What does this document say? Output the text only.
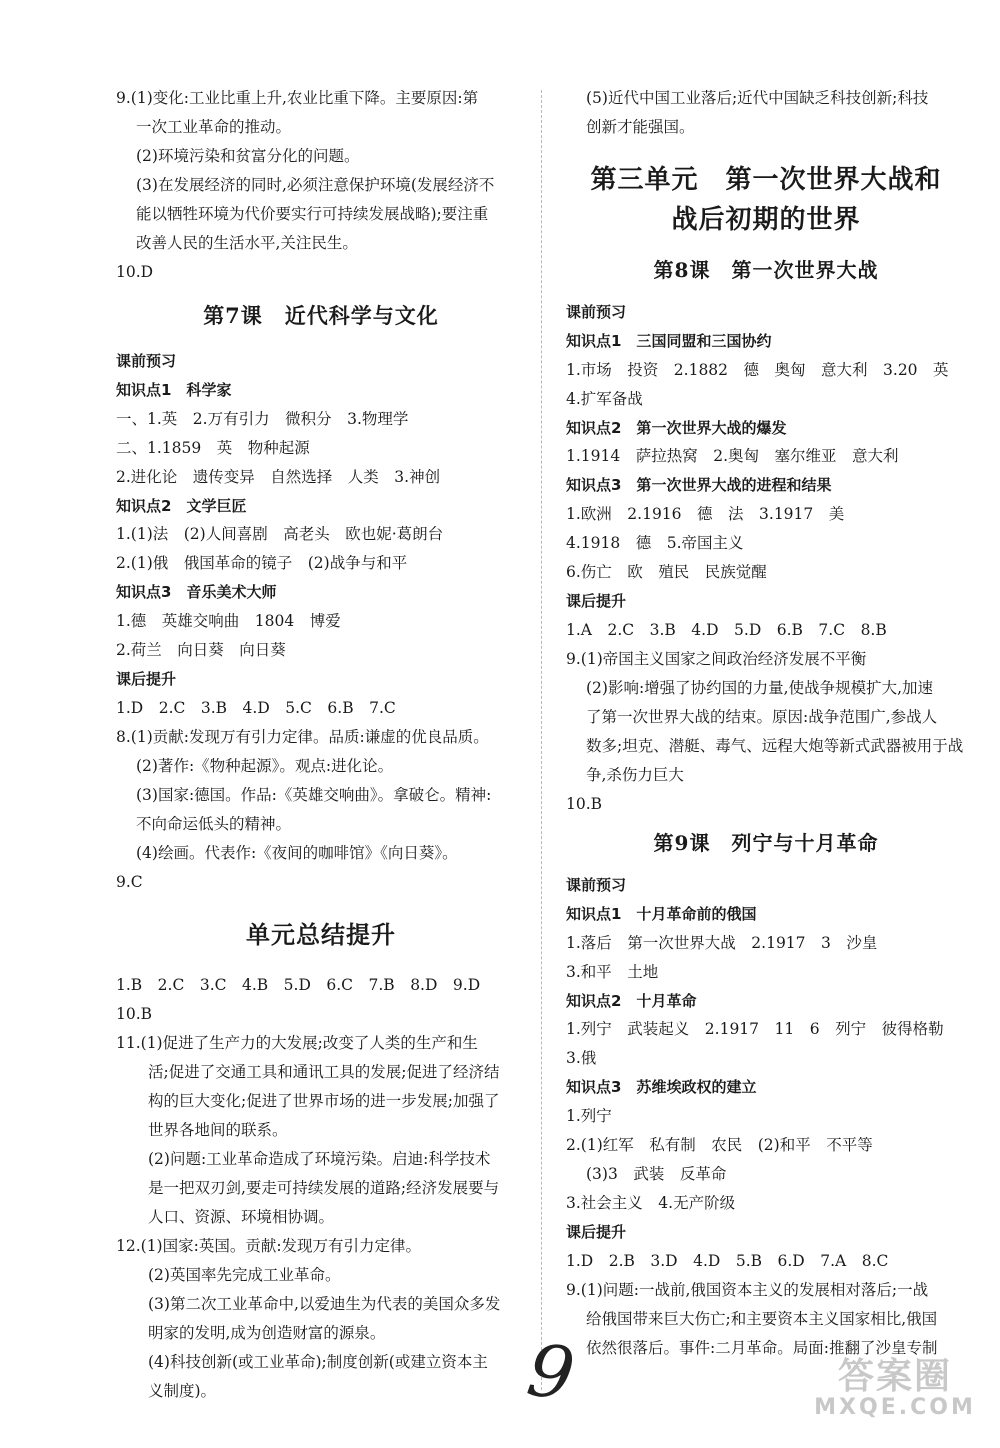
9.(1)变化:工业比重上升,农业比重下降。主要原因:第
一次工业革命的推动。
(2)环境污染和贫富分化的问题。
(3)在发展经济的同时,必须注意保护环境(发展经济不
能以牺牲环境为代价要实行可持续发展战略);要注重
改善人民的生活水平,关注民生。
10.D
第7课　近代科学与文化
课前预习
知识点1　科学家
一、1.英　2.万有引力　微积分　3.物理学
二、1.1859　英　物种起源
2.进化论　遗传变异　自然选择　人类　3.神创
知识点2　文学巨匠
1.(1)法　(2)人间喜剧　高老头　欧也妮·葛朗台
2.(1)俄　俄国革命的镜子　(2)战争与和平
知识点3　音乐美术大师
1.德　英雄交响曲　1804　博爱
2.荷兰　向日葵　向日葵
课后提升
1.D　2.C　3.B　4.D　5.C　6.B　7.C
8.(1)贡献:发现万有引力定律。品质:谦虚的优良品质。
(2)著作:《物种起源》。观点:进化论。
(3)国家:德国。作品:《英雄交响曲》。拿破仑。精神:
不向命运低头的精神。
(4)绘画。代表作:《夜间的咖啡馆》《向日葵》。
9.C
单元总结提升
1.B　2.C　3.C　4.B　5.D　6.C　7.B　8.D　9.D
10.B
11.(1)促进了生产力的大发展;改变了人类的生产和生
活;促进了交通工具和通讯工具的发展;促进了经济结
构的巨大变化;促进了世界市场的进一步发展;加强了
世界各地间的联系。
(2)问题:工业革命造成了环境污染。启迪:科学技术
是一把双刃剑,要走可持续发展的道路;经济发展要与
人口、资源、环境相协调。
12.(1)国家:英国。贡献:发现万有引力定律。
(2)英国率先完成工业革命。
(3)第二次工业革命中,以爱迪生为代表的美国众多发
明家的发明,成为创造财富的源泉。
(4)科技创新(或工业革命);制度创新(或建立资本主
义制度)。
(5)近代中国工业落后;近代中国缺乏科技创新;科技
创新才能强国。
第三单元　第一次世界大战和
战后初期的世界
第8课　第一次世界大战
课前预习
知识点1　三国同盟和三国协约
1.市场　投资　2.1882　德　奥匈　意大利　3.20　英
4.扩军备战
知识点2　第一次世界大战的爆发
1.1914　萨拉热窝　2.奥匈　塞尔维亚　意大利
知识点3　第一次世界大战的进程和结果
1.欧洲　2.1916　德　法　3.1917　美
4.1918　德　5.帝国主义
6.伤亡　欧　殖民　民族觉醒
课后提升
1.A　2.C　3.B　4.D　5.D　6.B　7.C　8.B
9.(1)帝国主义国家之间政治经济发展不平衡
(2)影响:增强了协约国的力量,使战争规模扩大,加速
了第一次世界大战的结束。原因:战争范围广,参战人
数多;坦克、潜艇、毒气、远程大炮等新式武器被用于战
争,杀伤力巨大
10.B
第9课　列宁与十月革命
课前预习
知识点1　十月革命前的俄国
1.落后　第一次世界大战　2.1917　3　沙皇
3.和平　土地
知识点2　十月革命
1.列宁　武装起义　2.1917　11　6　列宁　彼得格勒
3.俄
知识点3　苏维埃政权的建立
1.列宁
2.(1)红军　私有制　农民　(2)和平　不平等
(3)3　武装　反革命
3.社会主义　4.无产阶级
课后提升
1.D　2.B　3.D　4.D　5.B　6.D　7.A　8.C
9.(1)问题:一战前,俄国资本主义的发展相对落后;一战
给俄国带来巨大伤亡;和主要资本主义国家相比,俄国
依然很落后。事件:二月革命。局面:推翻了沙皇专制
9	答案圈
MXQE.COM
